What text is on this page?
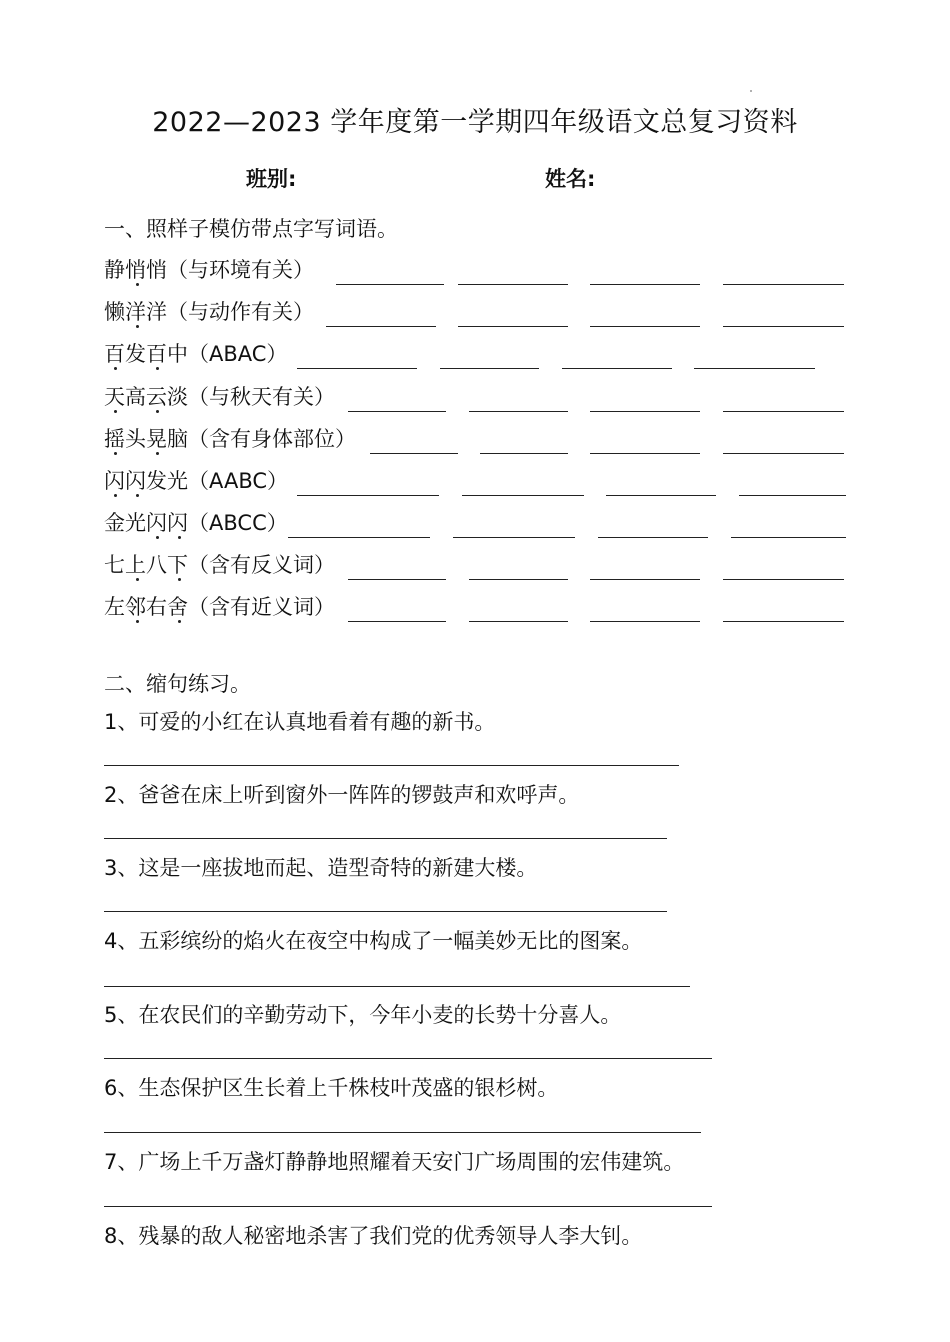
2022—2023 学年度第一学期四年级语文总复习资料
班别:	姓名:
一、照样子模仿带点字写词语。
静悄悄（与环境有关）
懒洋洋（与动作有关）
百发百中（ABAC）
天高云淡（与秋天有关）
摇头晃脑（含有身体部位）
闪闪发光（AABC）
金光闪闪（ABCC）
七上八下（含有反义词）
左邻右舍（含有近义词）
二、缩句练习。
1、可爱的小红在认真地看着有趣的新书。
2、爸爸在床上听到窗外一阵阵的锣鼓声和欢呼声。
3、这是一座拔地而起、造型奇特的新建大楼。
4、五彩缤纷的焰火在夜空中构成了一幅美妙无比的图案。
5、在农民们的辛勤劳动下，今年小麦的长势十分喜人。
6、生态保护区生长着上千株枝叶茂盛的银杉树。
7、广场上千万盏灯静静地照耀着天安门广场周围的宏伟建筑。
8、残暴的敌人秘密地杀害了我们党的优秀领导人李大钊。
